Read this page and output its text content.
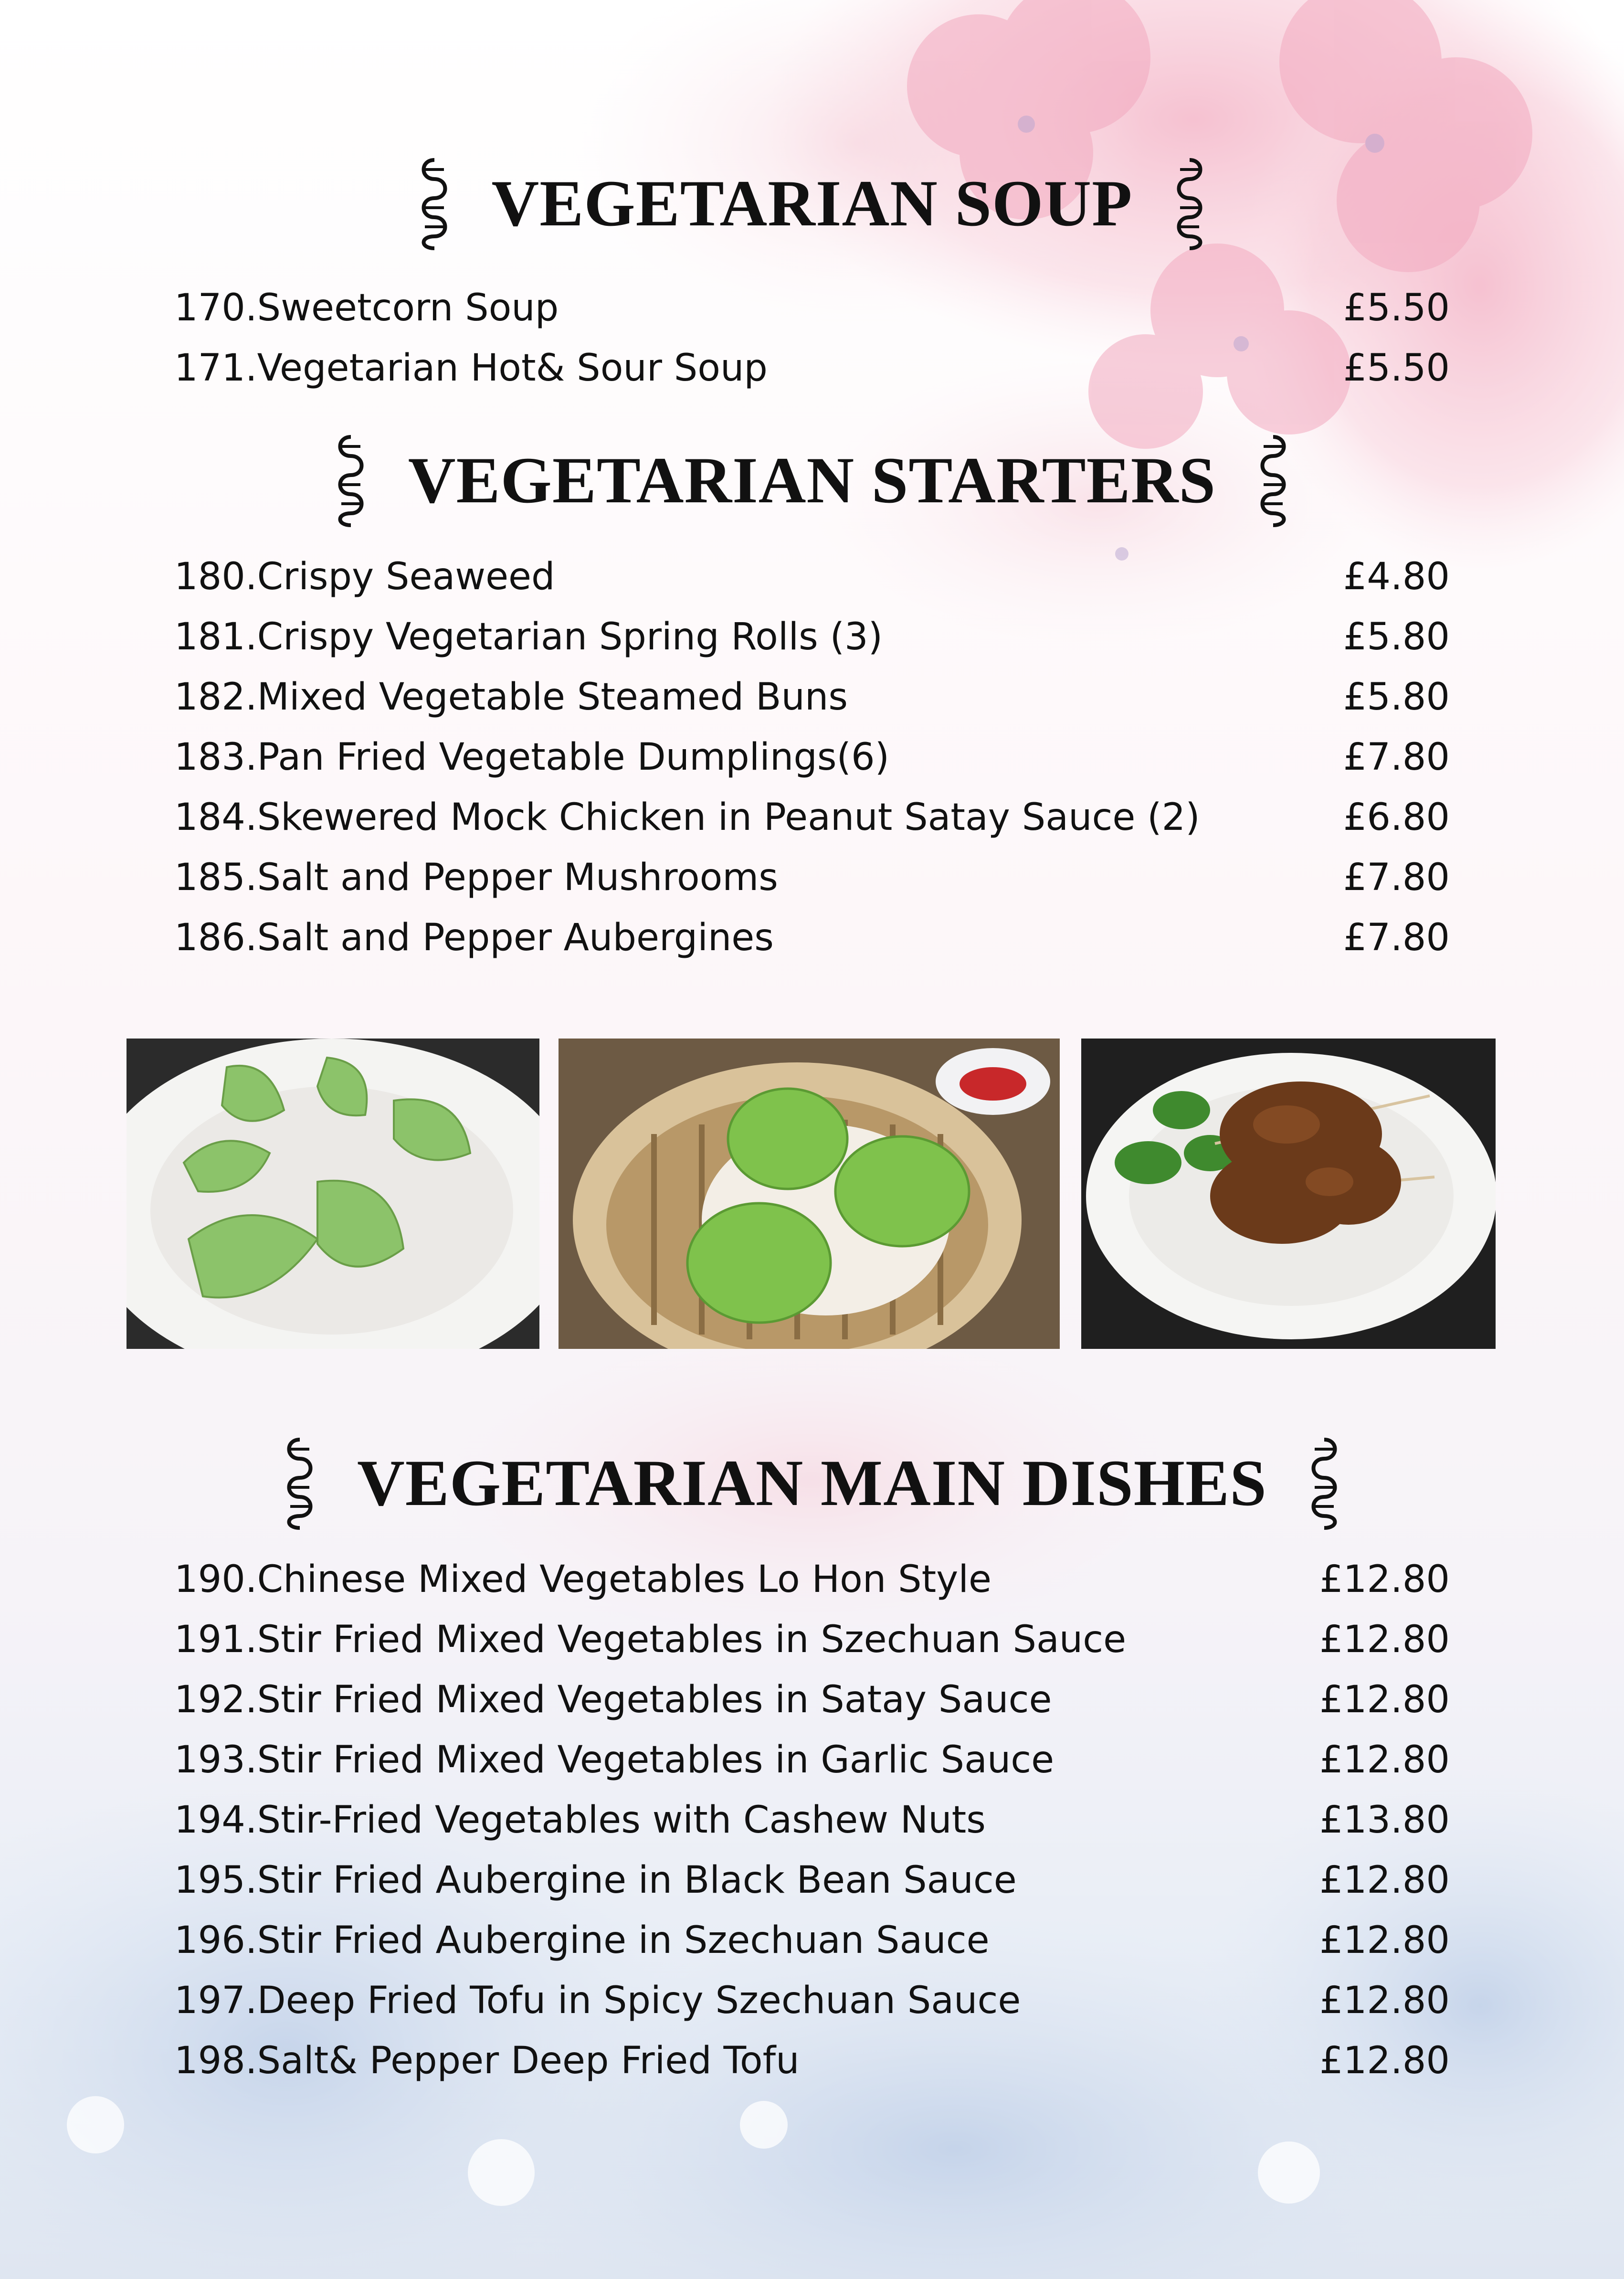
VEGETARIAN SOUP
170.Sweetcorn Soup	£5.50
171.Vegetarian Hot& Sour Soup	£5.50
VEGETARIAN STARTERS
180.Crispy Seaweed	£4.80
181.Crispy Vegetarian Spring Rolls (3)	£5.80
182.Mixed Vegetable Steamed Buns	£5.80
183.Pan Fried Vegetable Dumplings(6)	£7.80
184.Skewered Mock Chicken in Peanut Satay Sauce (2)	£6.80
185.Salt and Pepper Mushrooms	£7.80
186.Salt and Pepper Aubergines	£7.80
VEGETARIAN MAIN DISHES
190.Chinese Mixed Vegetables Lo Hon Style	£12.80
191.Stir Fried Mixed Vegetables in Szechuan Sauce	£12.80
192.Stir Fried Mixed Vegetables in Satay Sauce	£12.80
193.Stir Fried Mixed Vegetables in Garlic Sauce	£12.80
194.Stir-Fried Vegetables with Cashew Nuts	£13.80
195.Stir Fried Aubergine in Black Bean Sauce	£12.80
196.Stir Fried Aubergine in Szechuan Sauce	£12.80
197.Deep Fried Tofu in Spicy Szechuan Sauce	£12.80
198.Salt& Pepper Deep Fried Tofu	£12.80
